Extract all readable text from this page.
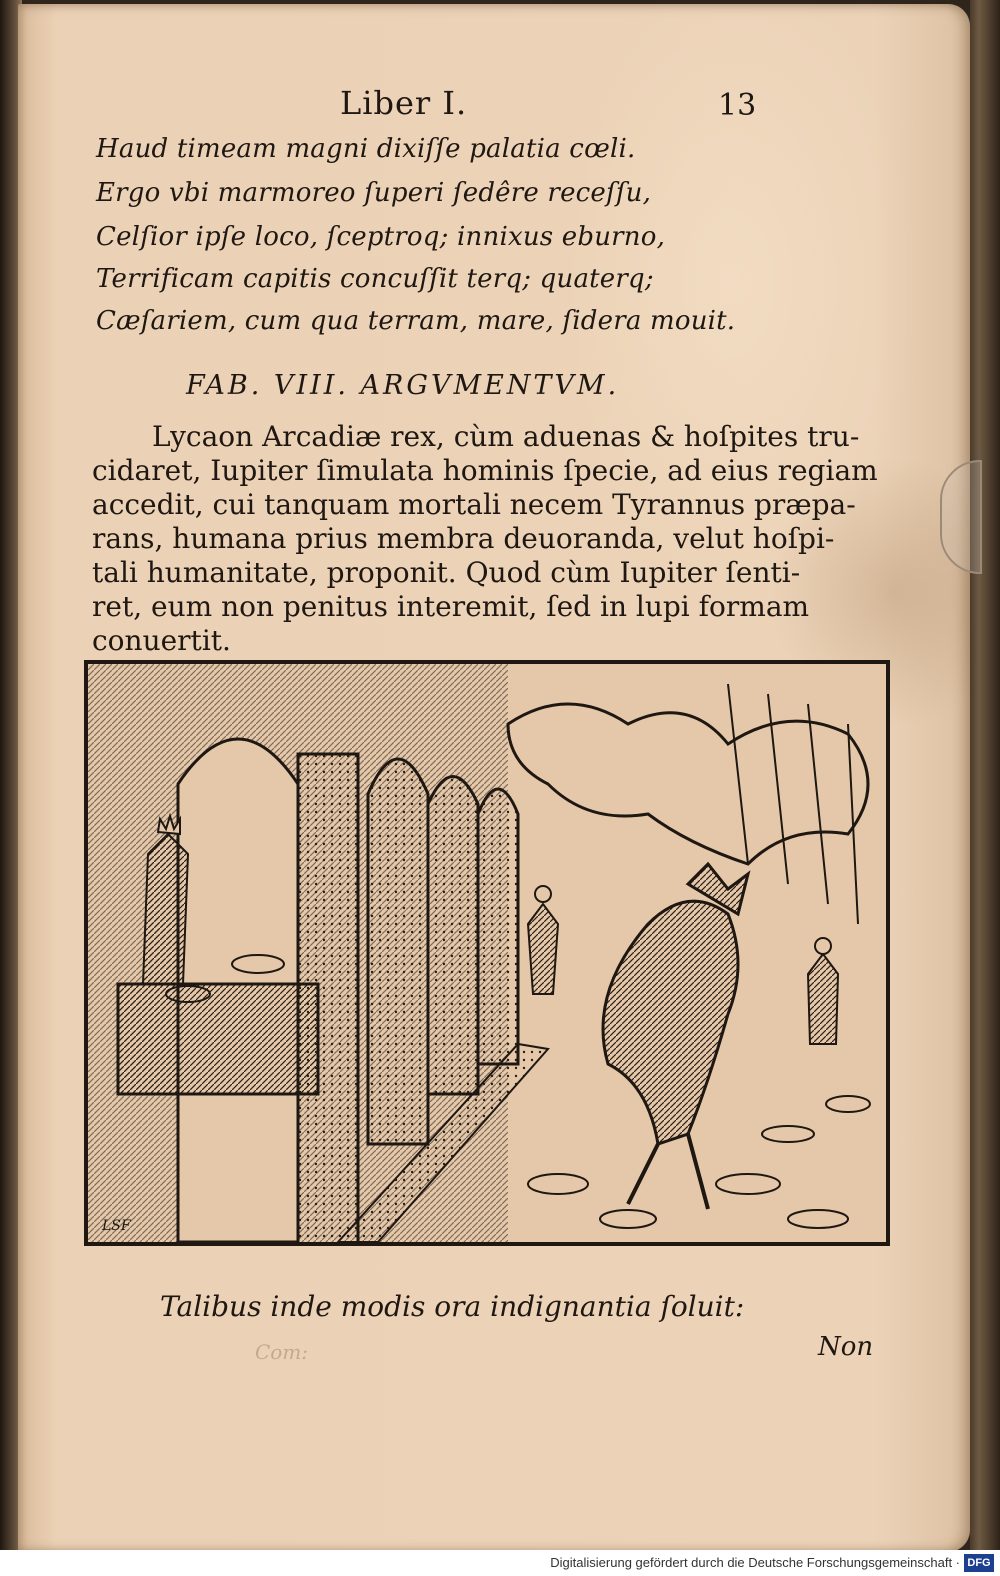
Liber I.	13
Haud timeam magni dixiſſe palatia cœli.
Ergo vbi marmoreo ſuperi ſedêre receſſu,
Celſior ipſe loco, ſceptroq; innixus eburno,
Terrificam capitis concuſſit terq; quaterq;
Cæſariem, cum qua terram, mare, ſidera mouit.
FAB. VIII. ARGVMENTVM.
Lycaon Arcadiæ rex, cùm aduenas & hoſpites tru-
cidaret, Iupiter ſimulata hominis ſpecie, ad eius regiam
accedit, cui tanquam mortali necem Tyrannus præpa-
rans, humana prius membra deuoranda, velut hoſpi-
tali humanitate, proponit. Quod cùm Iupiter ſenti-
ret, eum non penitus interemit, ſed in lupi formam
conuertit.
LSF
Talibus inde modis ora indignantia ſoluit:
Com:	Non
Digitalisierung gefördert durch die Deutsche Forschungsgemeinschaft · DFG
